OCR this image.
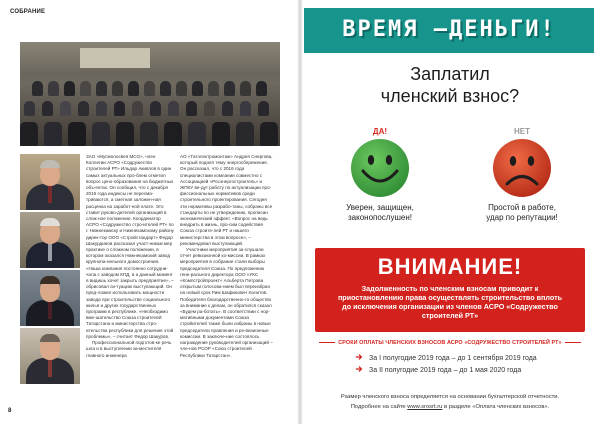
СОБРАНИЕ

ЗАО «Мусмолосвея МСО», член Коллегии АСРО «Содружество строителей РТ» Ильдар Акивлов в один самых актуальных про-блем отметил вопрос цено-образования на бюджетных объ-ектах. Он сообщил, что с декабря 2016 года индексы не пересма-триваются, а сметная заложен-ная расценка на заработ-ной плате. Это ставит руково-дителей организаций в слож-ное положение. Координатор АСРО «Содружество стро-ителей РТ» по г. Нижнекамску и Нижнекамскому району дирек-тор ООО «Стройстандарт» Федор Шакурдинов рассказал участ-никам мер практике о сложном положении, в котором оказался Нижнекамский завод крупнопа-нельного домостроения. «Наша компания постоянно сотрудни-чала с заводом КПД, в а данный момент я видишь хочет закрыть предприятие», – обрисовал си-туацию выступающий. Он пред-ложил использовать мощности завода при строительстве социального жилья и других государственных программ в республике. «Необходимо вме-шательство Союза строителей Татарстана и министерства стро-ительства республики для решения этой проблемы», – считает Федор Шакуров.

Профессиональной подготов-ке речь шла и в выступлении за-местителя главного инженера

АО «Татэлектромонтаж» Андрея Снергова, который поднял тему энергосбережения. Он рассказал, что с 2016 года специалистами компании совместно с Ассоциацией «Росэнергостроитель» и ЖПКУ ве-дут работу по актуализации про-фессиональных нормативов среди строительного проектирования. Сегодня эти нормативы разрабо-таны, собраны все стандарты по не утверждению, прописан экономический эффект. «Вопрос на ведь внедрить в жизнь, про-сим содействия Союза строите-лей РТ и нашего министерства в этом вопросе», – рекомендовал выступающий.

Участники мероприятия за-слушали отчет ревизионной ко-миссии. В рамках мероприятия в собрание стали выборы председателя Союза. По предложению гене-рального директора ООО «УКС «Компстройпроект» Альберта Петрова открытым голосова-нием был переизбран на новый срок Рим Шафикович Халитов. Победителя благодарственно-го общество за внимание к делам, он обратился сказал «Будем ра-ботать». В соответствии с нор-мативными документами Союза стройителей также были избраны в новые председатели правления и ре-визионные комиссии. В заключе-ние состоялось награждение руководителей организаций – чле-нов РСОР «Союз строителей Республики Татарстан».

8
ВРЕМЯ –ДЕНЬГИ!
Заплатил
членский взнос?
ДА!
Уверен, защищен,
законопослушен!
НЕТ
Простой в работе,
удар по репутации!
ВНИМАНИЕ!
Задолженность по членским взносам приводит к приостановлению права осуществлять строительство вплоть до исключения организации из членов АСРО «Содружество строителей РТ»
СРОКИ ОПЛАТЫ ЧЛЕНСКИХ ВЗНОСОВ АСРО «СОДРУЖЕСТВО СТРОИТЕЛЕЙ РТ»
За I полугодие 2019 года – до 1 сентября 2019 года
За II полугодие 2019 года – до 1 мая 2020 года
Размер членского взноса определяется на основании бухгалтерской отчетности.
Подробнее на сайте www.srosrt.ru в разделе «Оплата членских взносов».
